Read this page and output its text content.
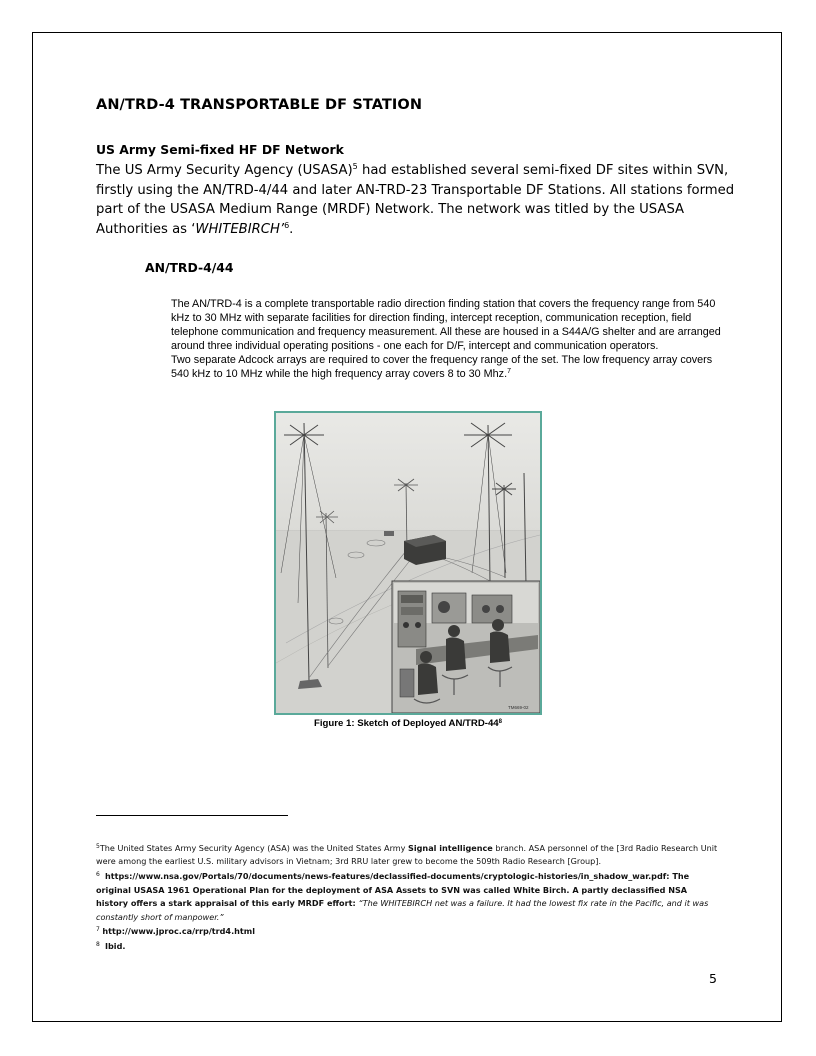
AN/TRD-4 TRANSPORTABLE DF STATION
US Army Semi-fixed HF DF Network
The US Army Security Agency (USASA)$^5$ had established several semi-fixed DF sites within SVN, firstly using the AN/TRD-4/44 and later AN-TRD-23 Transportable DF Stations. All stations formed part of the USASA Medium Range (MRDF) Network. The network was titled by the USASA Authorities as ‘WHITEBIRCH’$^6$.
AN/TRD-4/44

The AN/TRD-4 is a complete transportable radio direction finding station that covers the frequency range from 540 kHz to 30 MHz with separate facilities for direction finding, intercept reception, communication reception, field telephone communication and frequency measurement. All these are housed in a S44A/G shelter and are arranged around three individual operating positions - one each for D/F, intercept and communication operators.

Two separate Adcock arrays are required to cover the frequency range of the set. The low frequency array covers 540 kHz to 10 MHz while the high frequency array covers 8 to 30 Mhz.$^7$

TM669-02
Figure 1: Sketch of Deployed $AN/TRD-44^8$

$^5$The United States Army Security Agency (ASA) was the United States Army Signal intelligence branch. ASA personnel of the [3rd Radio Research Unit were among the earliest U.S. military advisors in Vietnam; 3rd RRU later grew to become the 509th Radio Research [Group].

$^6$ https://www.nsa.gov/Portals/70/documents/news-features/declassified-documents/cryptologic-histories/in_shadow_war.pdf: The original USASA 1961 Operational Plan for the deployment of ASA Assets to SVN was called White Birch. A partly declassified NSA history offers a stark appraisal of this early MRDF effort: “The WHITEBIRCH net was a failure. It had the lowest fix rate in the Pacific, and it was constantly short of manpower.”

$^7$ http://www.jproc.ca/rrp/trd4.html

$^8$ Ibid.

5
